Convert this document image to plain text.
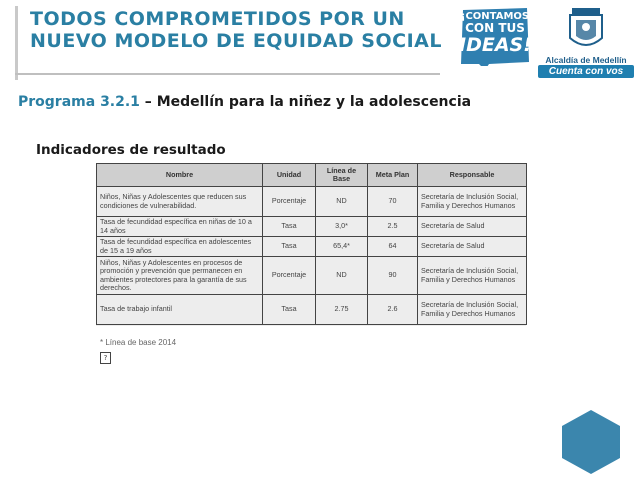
TODOS COMPROMETIDOS POR UN
NUEVO MODELO DE EQUIDAD SOCIAL
¡CONTAMOS
CON TUS
IDEAS!
Alcaldía de Medellín
Cuenta con vos
Programa 3.2.1 – Medellín para la niñez y la adolescencia
Indicadores de resultado
Nombre	Unidad	Línea de Base	Meta Plan	Responsable
Niños, Niñas y Adolescentes que reducen sus condiciones de vulnerabilidad.	Porcentaje	ND	70	Secretaría de Inclusión Social, Familia y Derechos Humanos
Tasa de fecundidad específica en niñas de 10 a 14 años	Tasa	3,0*	2.5	Secretaría de Salud
Tasa de fecundidad específica en adolescentes de 15 a 19 años	Tasa	65,4*	64	Secretaría de Salud
Niños, Niñas y Adolescentes en procesos de promoción y prevención que permanecen en ambientes protectores para la garantía de sus derechos.	Porcentaje	ND	90	Secretaría de Inclusión Social, Familia y Derechos Humanos
Tasa de trabajo infantil	Tasa	2.75	2.6	Secretaría de Inclusión Social, Familia y Derechos Humanos
* Línea de base 2014
?
